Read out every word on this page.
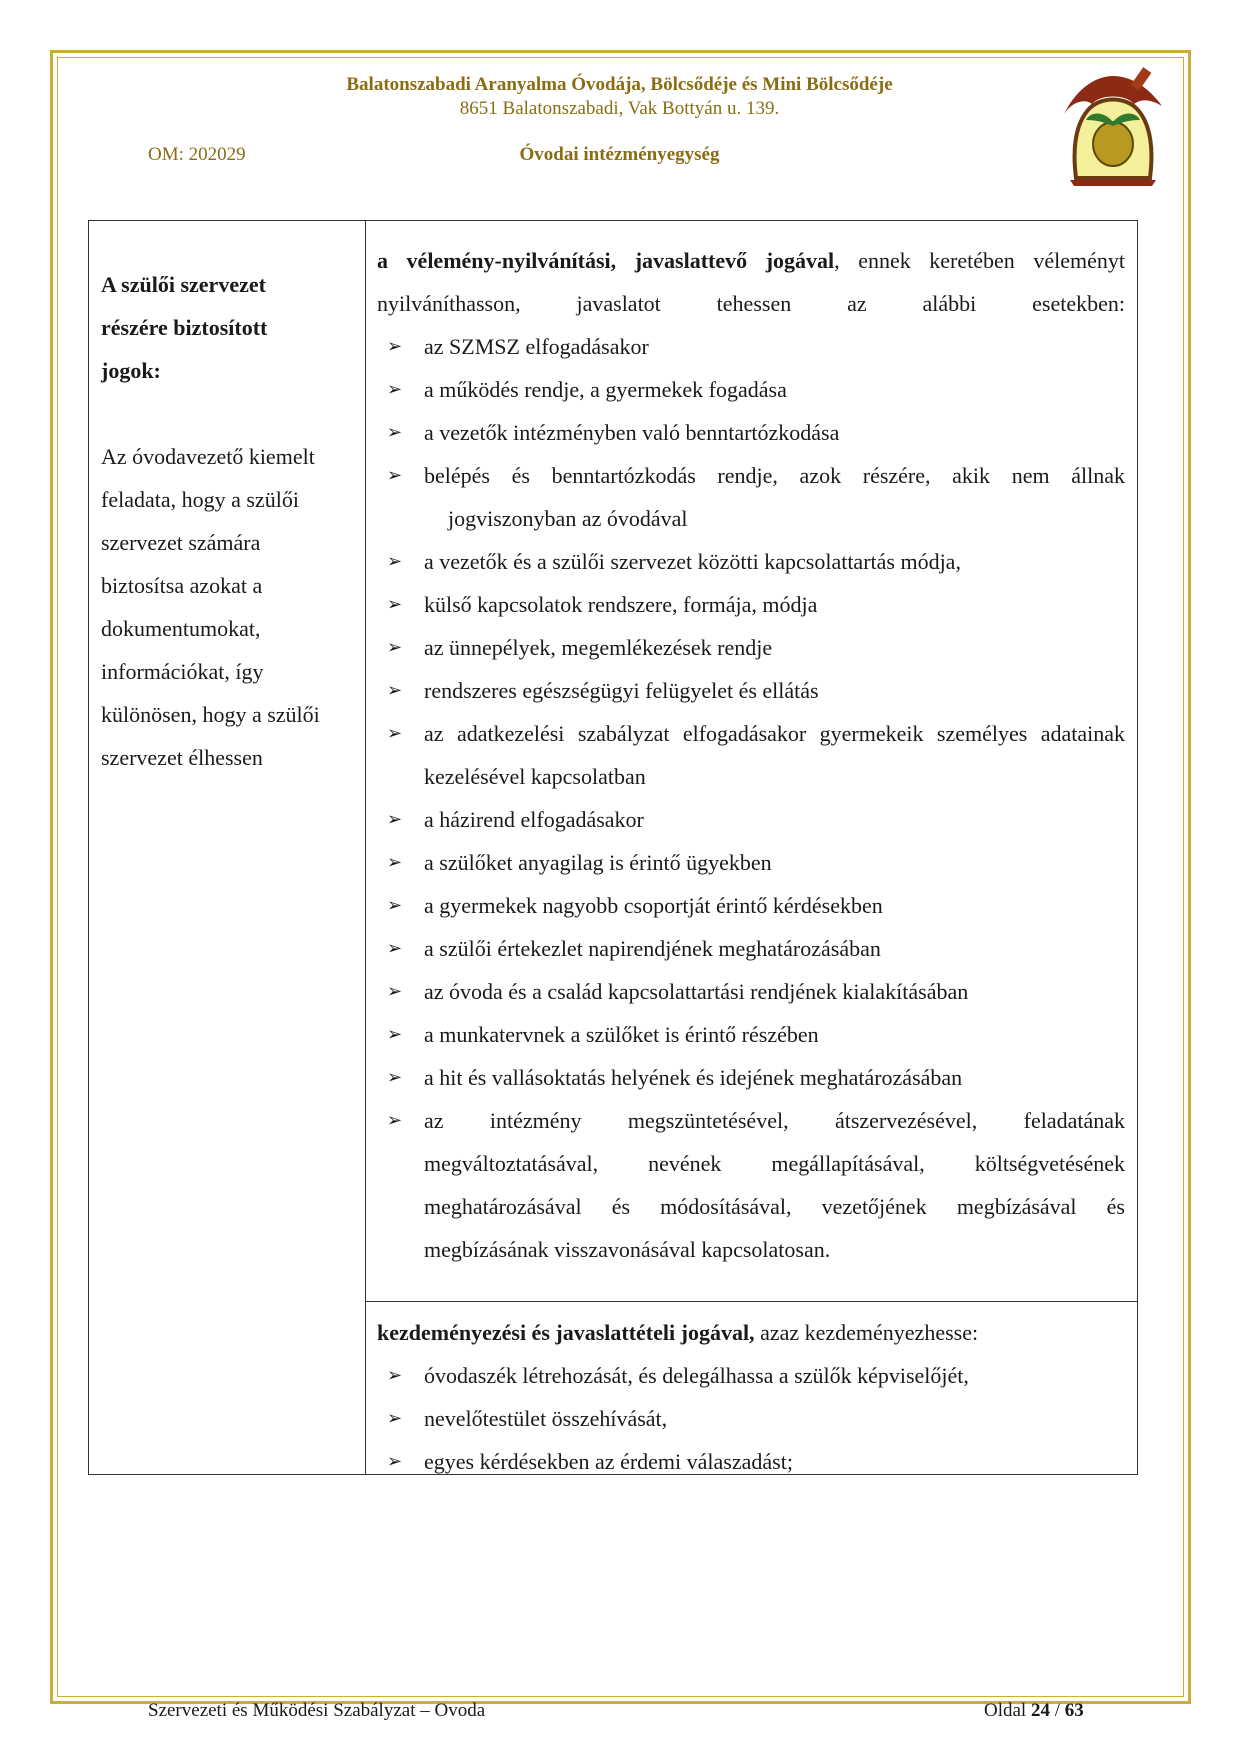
Balatonszabadi Aranyalma Óvodája, Bölcsődéje és Mini Bölcsődéje
8651 Balatonszabadi, Vak Bottyán u. 139.
OM: 202029	Óvodai intézményegység
A szülői szervezet
részére biztosított
jogok:
Az óvodavezető kiemelt
feladata, hogy a szülői
szervezet számára
biztosítsa azokat a
dokumentumokat,
információkat, így
különösen, hogy a szülői
szervezet élhessen
a vélemény-nyilvánítási, javaslattevő jogával, ennek keretében véleményt nyilváníthasson, javaslatot tehessen az alábbi esetekben:
➢ az SZMSZ elfogadásakor
➢ a működés rendje, a gyermekek fogadása
➢ a vezetők intézményben való benntartózkodása
➢ belépés és benntartózkodás rendje, azok részére, akik nem állnak
jogviszonyban az óvodával
➢ a vezetők és a szülői szervezet közötti kapcsolattartás módja,
➢ külső kapcsolatok rendszere, formája, módja
➢ az ünnepélyek, megemlékezések rendje
➢ rendszeres egészségügyi felügyelet és ellátás
➢ az adatkezelési szabályzat elfogadásakor gyermekeik személyes adatainak kezelésével kapcsolatban
➢ a házirend elfogadásakor
➢ a szülőket anyagilag is érintő ügyekben
➢ a gyermekek nagyobb csoportját érintő kérdésekben
➢ a szülői értekezlet napirendjének meghatározásában
➢ az óvoda és a család kapcsolattartási rendjének kialakításában
➢ a munkatervnek a szülőket is érintő részében
➢ a hit és vallásoktatás helyének és idejének meghatározásában
➢ az intézmény megszüntetésével, átszervezésével, feladatának megváltoztatásával, nevének megállapításával, költségvetésének meghatározásával és módosításával, vezetőjének megbízásával és megbízásának visszavonásával kapcsolatosan.
kezdeményezési és javaslattételi jogával, azaz kezdeményezhesse:
➢ óvodaszék létrehozását, és delegálhassa a szülők képviselőjét,
➢ nevelőtestület összehívását,
➢ egyes kérdésekben az érdemi válaszadást;
Szervezeti és Működési Szabályzat – Ovoda	Oldal 24 / 63
